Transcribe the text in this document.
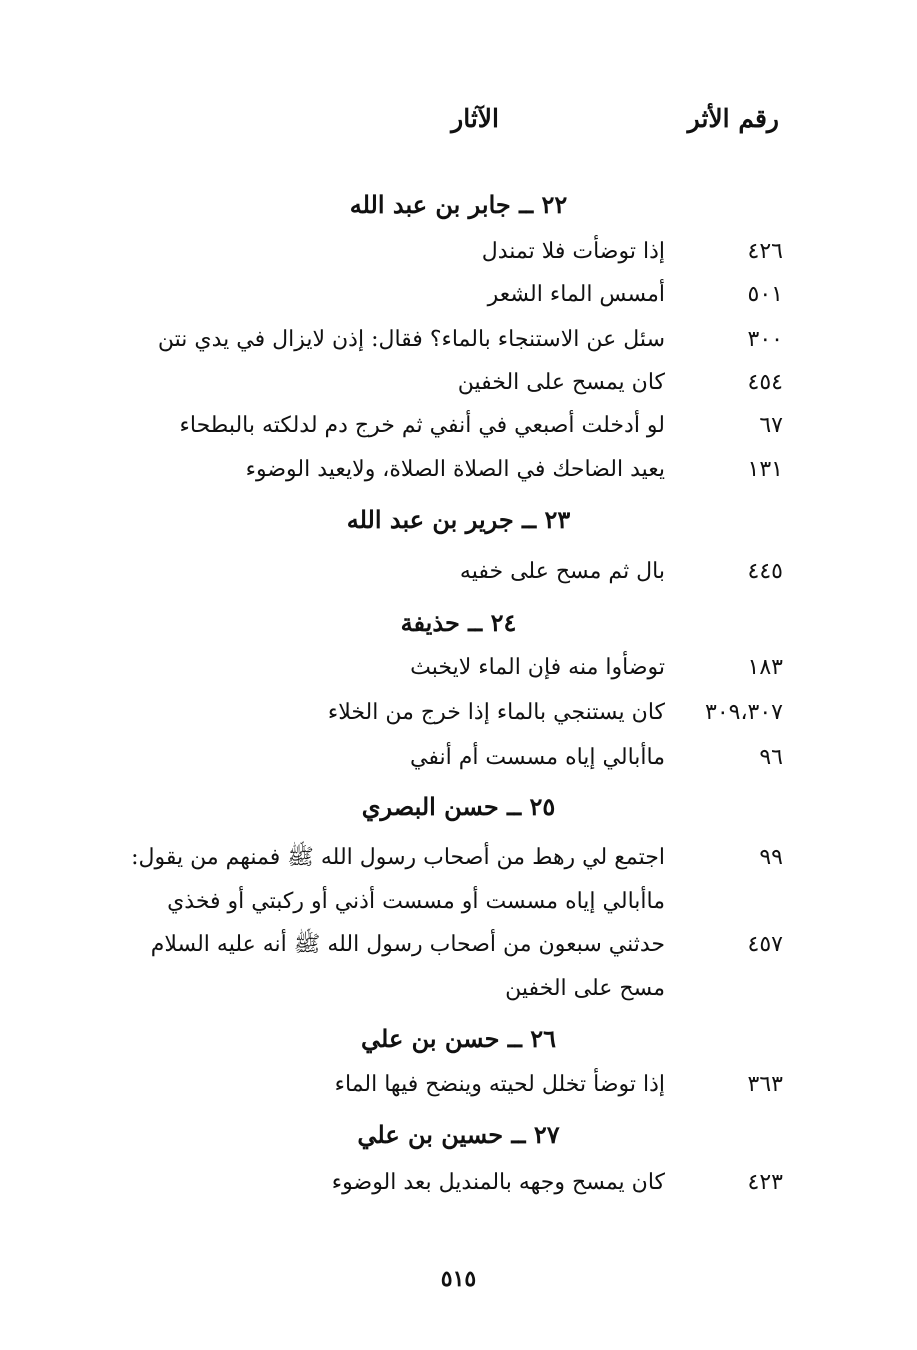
رقم الأثر
الآثار
٢٢ ــ جابر بن عبد الله
٤٢٦
إذا توضأت فلا تمندل
٥٠١
أمسس الماء الشعر
٣٠٠
سئل عن الاستنجاء بالماء؟ فقال: إذن لايزال في يدي نتن
٤٥٤
كان يمسح على الخفين
٦٧
لو أدخلت أصبعي في أنفي ثم خرج دم لدلكته بالبطحاء
١٣١
يعيد الضاحك في الصلاة الصلاة، ولايعيد الوضوء
٢٣ ــ جرير بن عبد الله
٤٤٥
بال ثم مسح على خفيه
٢٤ ــ حذيفة
١٨٣
توضأوا منه فإن الماء لايخبث
٣٠٩،٣٠٧
كان يستنجي بالماء إذا خرج من الخلاء
٩٦
ماأبالي إياه مسست أم أنفي
٢٥ ــ حسن البصري
٩٩
اجتمع لي رهط من أصحاب رسول الله ﷺ فمنهم من يقول:
ماأبالي إياه مسست أو مسست أذني أو ركبتي أو فخذي
٤٥٧
حدثني سبعون من أصحاب رسول الله ﷺ أنه عليه السلام
مسح على الخفين
٢٦ ــ حسن بن علي
٣٦٣
إذا توضأ تخلل لحيته وينضح فيها الماء
٢٧ ــ حسين بن علي
٤٢٣
كان يمسح وجهه بالمنديل بعد الوضوء
٥١٥
